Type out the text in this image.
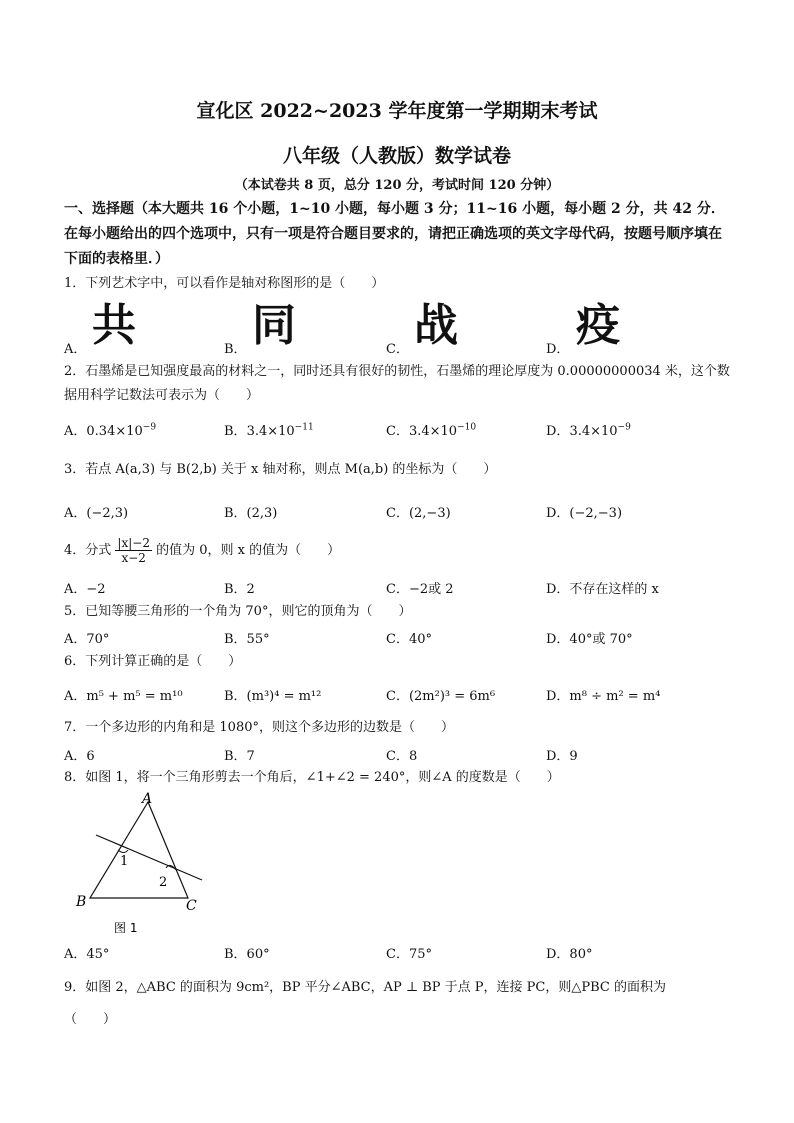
宣化区 2022~2023 学年度第一学期期末考试
八年级（人教版）数学试卷
（本试卷共 8 页，总分 120 分，考试时间 120 分钟）
一、选择题（本大题共 16 个小题，1~10 小题，每小题 3 分；11~16 小题，每小题 2 分，共 42 分．在每小题给出的四个选项中，只有一项是符合题目要求的，请把正确选项的英文字母代码，按题号顺序填在下面的表格里．）
1．下列艺术字中，可以看作是轴对称图形的是（　　）
A． 共	B． 同	C． 战	D． 疫
2．石墨烯是已知强度最高的材料之一，同时还具有很好的韧性，石墨烯的理论厚度为 0.00000000034 米，这个数据用科学记数法可表示为（　　）
A．$0.34\times 10^{-9}$	B．$3.4\times 10^{-11}$	C．$3.4\times 10^{-10}$	D．$3.4\times 10^{-9}$
3．若点 A(a,3) 与 B(2,b) 关于 x 轴对称，则点 M(a,b) 的坐标为（　　）
A．(−2,3)	B．(2,3)	C．(2,−3)	D．(−2,−3)
4．分式 $\frac{|x|-2}{x-2}$ 的值为 0，则 x 的值为（　　）
A．−2	B．2	C．−2或 2	D．不存在这样的 x
5．已知等腰三角形的一个角为 70°，则它的顶角为（　　）
A．70°	B．55°	C．40°	D．40°或 70°
6．下列计算正确的是（　　）
A．m⁵ + m⁵ = m¹⁰	B．(m³)⁴ = m¹²	C．(2m²)³ = 6m⁶	D．m⁸ ÷ m² = m⁴
7．一个多边形的内角和是 1080°，则这个多边形的边数是（　　）
A．6	B．7	C．8	D．9
8．如图 1，将一个三角形剪去一个角后，∠1+∠2 = 240°，则∠A 的度数是（　　）
A
B	C
1
2
图 1
A．45°	B．60°	C．75°	D．80°
9．如图 2，△ABC 的面积为 9cm²，BP 平分∠ABC，AP ⊥ BP 于点 P，连接 PC，则△PBC 的面积为
（　　）
